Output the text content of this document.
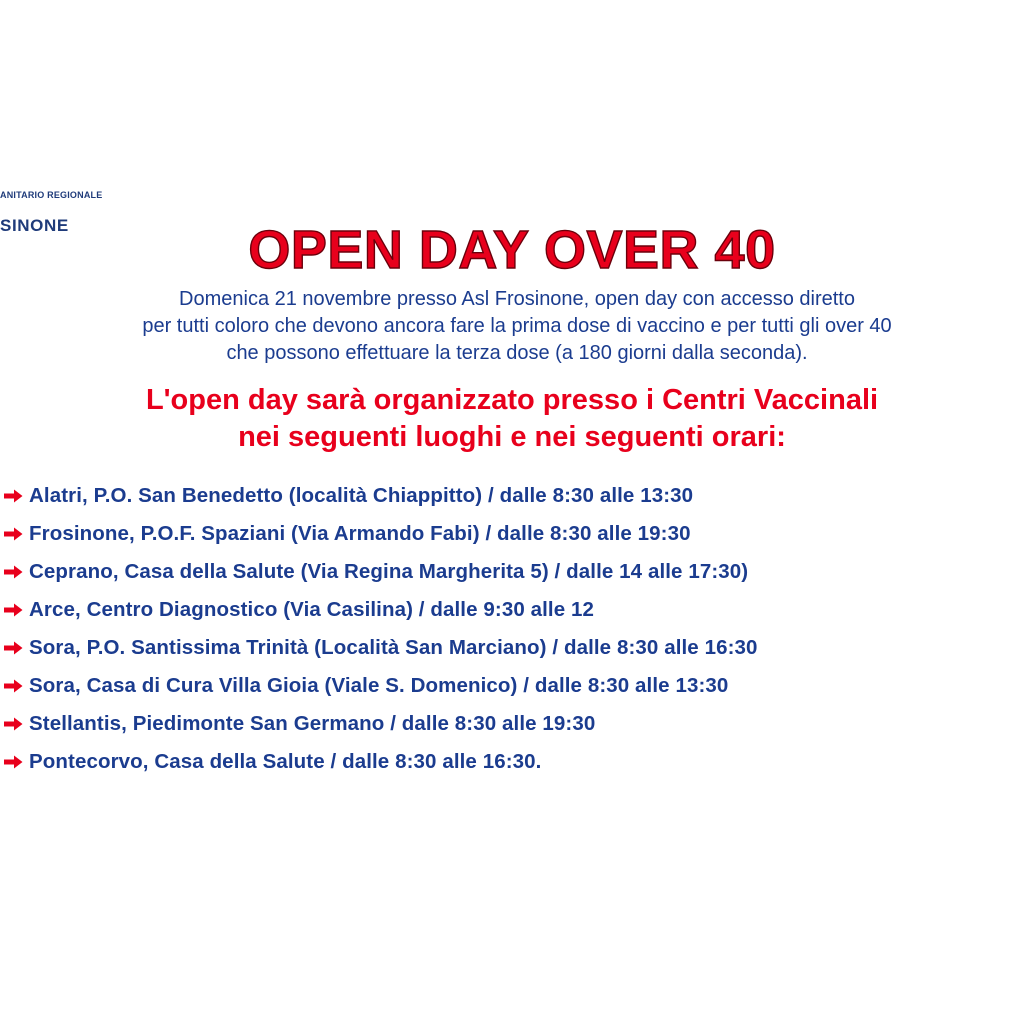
ANITARIO REGIONALE
SINONE	OPEN DAY OVER 40
Domenica 21 novembre presso Asl Frosinone, open day con accesso diretto
per tutti coloro che devono ancora fare la prima dose di vaccino e per tutti gli over 40
che possono effettuare la terza dose (a 180 giorni dalla seconda).
L'open day sarà organizzato presso i Centri Vaccinali
nei seguenti luoghi e nei seguenti orari:
Alatri, P.O. San Benedetto (località Chiappitto) / dalle 8:30 alle 13:30
Frosinone, P.O.F. Spaziani (Via Armando Fabi) / dalle 8:30 alle 19:30
Ceprano, Casa della Salute (Via Regina Margherita 5) / dalle 14 alle 17:30)
Arce, Centro Diagnostico (Via Casilina) / dalle 9:30 alle 12
Sora, P.O. Santissima Trinità (Località San Marciano) / dalle 8:30 alle 16:30
Sora, Casa di Cura Villa Gioia (Viale S. Domenico) / dalle 8:30 alle 13:30
Stellantis, Piedimonte San Germano / dalle 8:30 alle 19:30
Pontecorvo, Casa della Salute / dalle 8:30 alle 16:30.
